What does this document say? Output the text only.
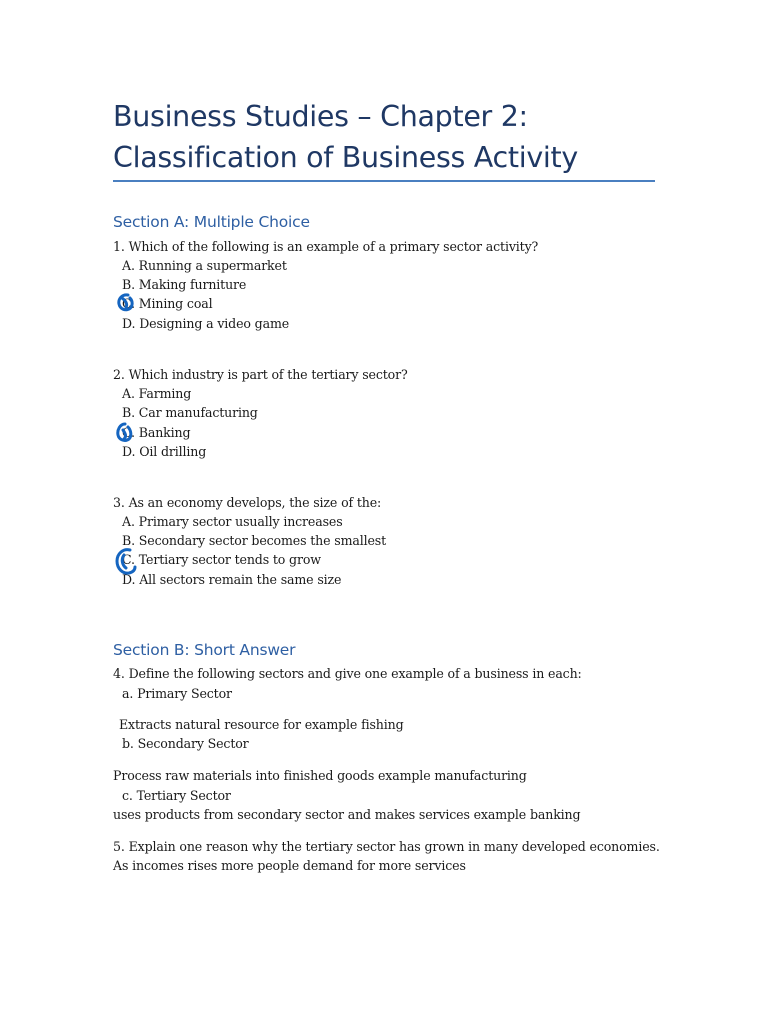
Business Studies – Chapter 2:
Classification of Business Activity
Section A: Multiple Choice
1. Which of the following is an example of a primary sector activity?
A. Running a supermarket
B. Making furniture
C. Mining coal
D. Designing a video game
2. Which industry is part of the tertiary sector?
A. Farming
B. Car manufacturing
C. Banking
D. Oil drilling
3. As an economy develops, the size of the:
A. Primary sector usually increases
B. Secondary sector becomes the smallest
C. Tertiary sector tends to grow
D. All sectors remain the same size
Section B: Short Answer
4. Define the following sectors and give one example of a business in each:
a. Primary Sector
Extracts natural resource for example fishing
b. Secondary Sector
Process raw materials into finished goods example manufacturing
c. Tertiary Sector
uses products from secondary sector and makes services example banking
5. Explain one reason why the tertiary sector has grown in many developed economies.
As incomes rises more people demand for more services
